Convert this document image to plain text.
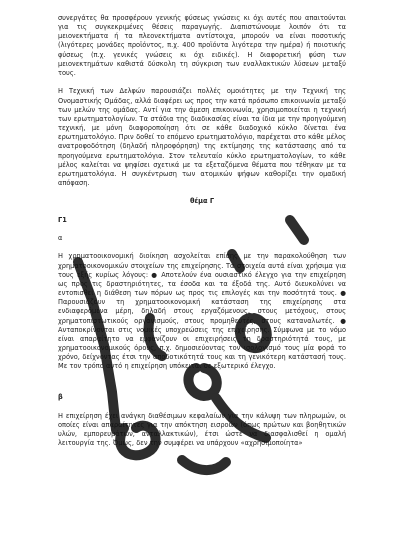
συνεργάτες θα προσφέρουν γενικής φύσεως γνώσεις κι όχι αυτές που απαιτούνται για τις συγκεκριμένες θέσεις παραγωγής. Διαπιστώνουμε λοιπόν ότι τα μειονεκτήματα ή τα πλεονεκτήματα αντίστοιχα, μπορούν να είναι ποσοτικής (λιγότερες μονάδες προϊόντος, π.χ. 400 προϊόντα λιγότερα την ημέρα) ή ποιοτικής φύσεως (π.χ. γενικές γνώσεις κι όχι ειδικές). Η διαφορετική φύση των μειονεκτημάτων καθιστά δύσκολη τη σύγκριση των εναλλακτικών λύσεων μεταξύ τους.

Η Τεχνική των Δελφών παρουσιάζει πολλές ομοιότητες με την Τεχνική της Ονομαστικής Ομάδας, αλλά διαφέρει ως προς την κατά πρόσωπο επικοινωνία μεταξύ των μελών της ομάδας. Αντί για την άμεση επικοινωνία, χρησιμοποιείται η τεχνική των ερωτηματολογίων. Τα στάδια της διαδικασίας είναι τα ίδια με την προηγούμενη τεχνική, με μόνη διαφοροποίηση ότι σε κάθε διαδοχικό κύκλο δίνεται ένα ερωτηματολόγιο. Πριν δοθεί το επόμενο ερωτηματολόγιο, παρέχεται στο κάθε μέλος ανατροφοδότηση (δηλαδή πληροφόρηση) της εκτίμησης της κατάστασης από τα προηγούμενα ερωτηματολόγια. Στον τελευταίο κύκλο ερωτηματολογίων, το κάθε μέλος καλείται να ψηφίσει σχετικά με τα εξεταζόμενα θέματα που τέθηκαν με τα ερωτηματολόγια. Η συγκέντρωση των ατομικών ψήφων καθορίζει την ομαδική απόφαση.

θέμα Γ
Γ1
α

Η χρηματοοικονομική διοίκηση ασχολείται επίσης με την παρακολούθηση των χρηματοοικονομικών στοιχείων της επιχείρησης. Τα στοιχεία αυτά είναι χρήσιμα για τους εξής κυρίως λόγους: ● Αποτελούν ένα ουσιαστικό έλεγχο για την επιχείρηση ως προς τις δραστηριότητες, τα έσοδα και τα έξοδά της. Αυτό διευκολύνει να εντοπισθεί η διάθεση των πόρων ως προς τις επιλογές και την ποσότητά τους. ● Παρουσιάζουν τη χρηματοοικονομική κατάσταση της επιχείρησης στα ενδιαφερόμενα μέρη, δηλαδή στους εργαζόμενους, στους μετόχους, στους χρηματοπιστωτικούς οργανισμούς, στους προμηθευτές, στους καταναλωτές. ● Ανταποκρίνονται στις νομικές υποχρεώσεις της επιχείρησης. Σύμφωνα με το νόμο είναι απαραίτητο να εμφανίζουν οι επιχειρήσεις τη δραστηριότητά τους, με χρηματοοικονομικούς όρους, π.χ. δημοσιεύοντας τον ισολογισμό τους μία φορά το χρόνο, δείχνοντας έτσι την αποδοτικότητά τους και τη γενικότερη κατάστασή τους. Με τον τρόπο αυτό η επιχείρηση υπόκειται σε εξωτερικό έλεγχο.

β

Η επιχείρηση έχει ανάγκη διαθέσιμων κεφαλαίων για την κάλυψη των πληρωμών, οι οποίες είναι απαραίτητες για την απόκτηση εισροών (όπως πρώτων και βοηθητικών υλών, εμπορευμάτων, ανταλλακτικών), έτσι ώστε να διασφαλισθεί η ομαλή λειτουργία της. Όμως, δεν την συμφέρει να υπάρχουν «αχρησιμοποίητα»
